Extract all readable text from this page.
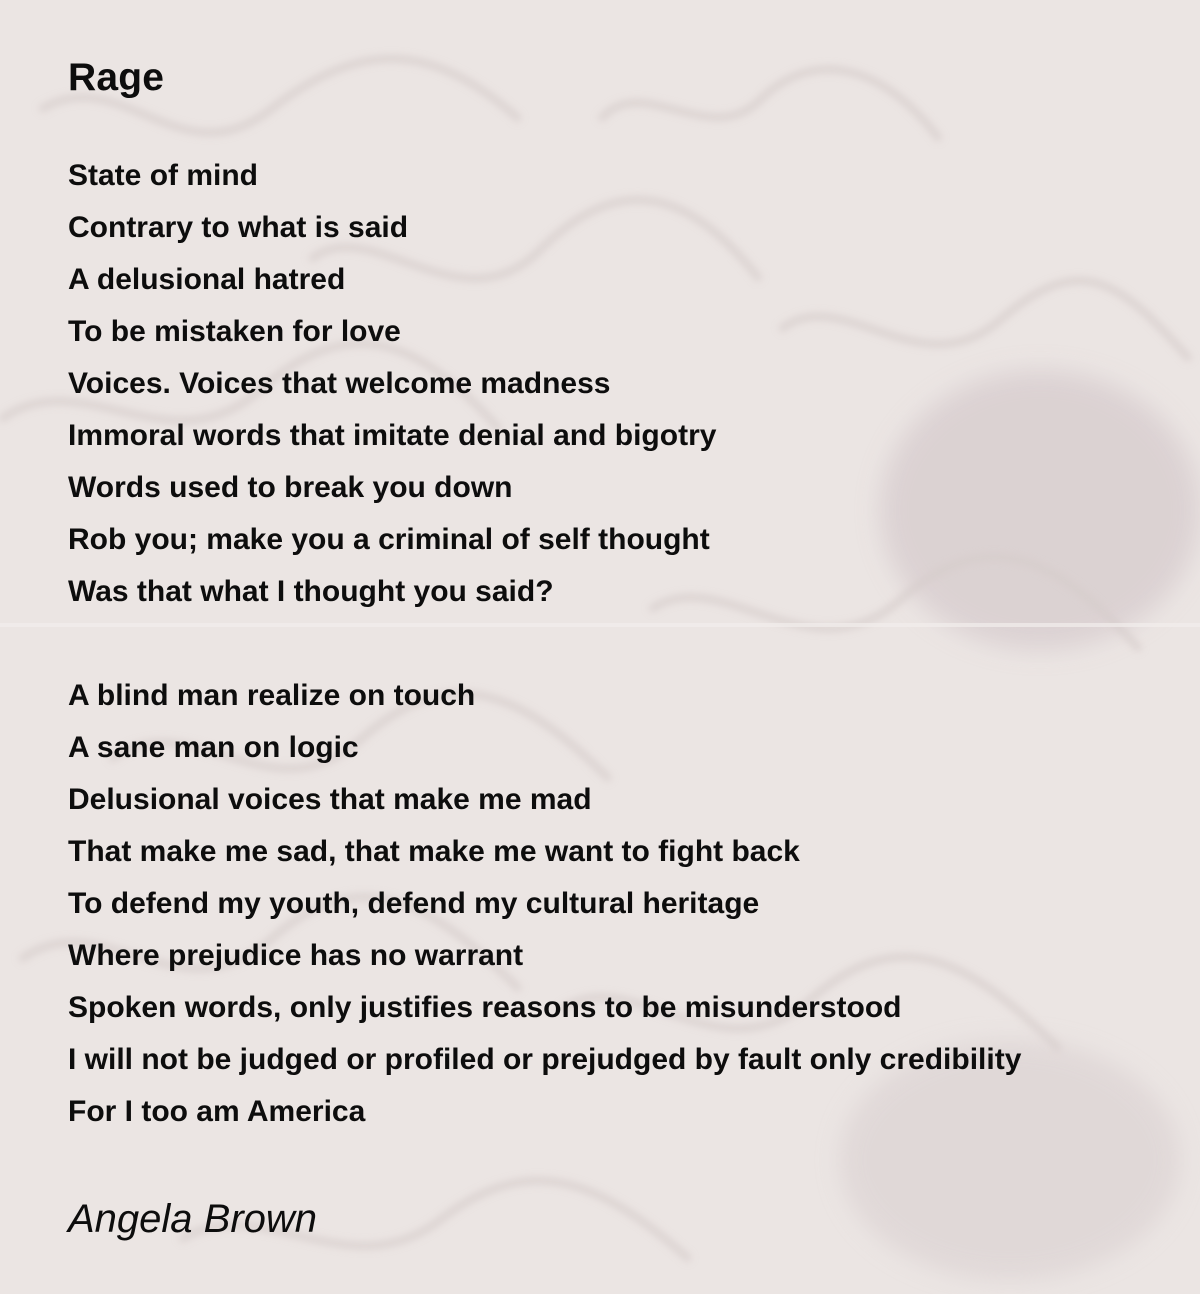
Rage
State of mind
Contrary to what is said
A delusional hatred
To be mistaken for love
Voices. Voices that welcome madness
Immoral words that imitate denial and bigotry
Words used to break you down
Rob you; make you a criminal of self thought
Was that what I thought you said?
A blind man realize on touch
A sane man on logic
Delusional voices that make me mad
That make me sad, that make me want to fight back
To defend my youth, defend my cultural heritage
Where prejudice has no warrant
Spoken words, only justifies reasons to be misunderstood
I will not be judged or profiled or prejudged by fault only credibility
For I too am America

Angela Brown
